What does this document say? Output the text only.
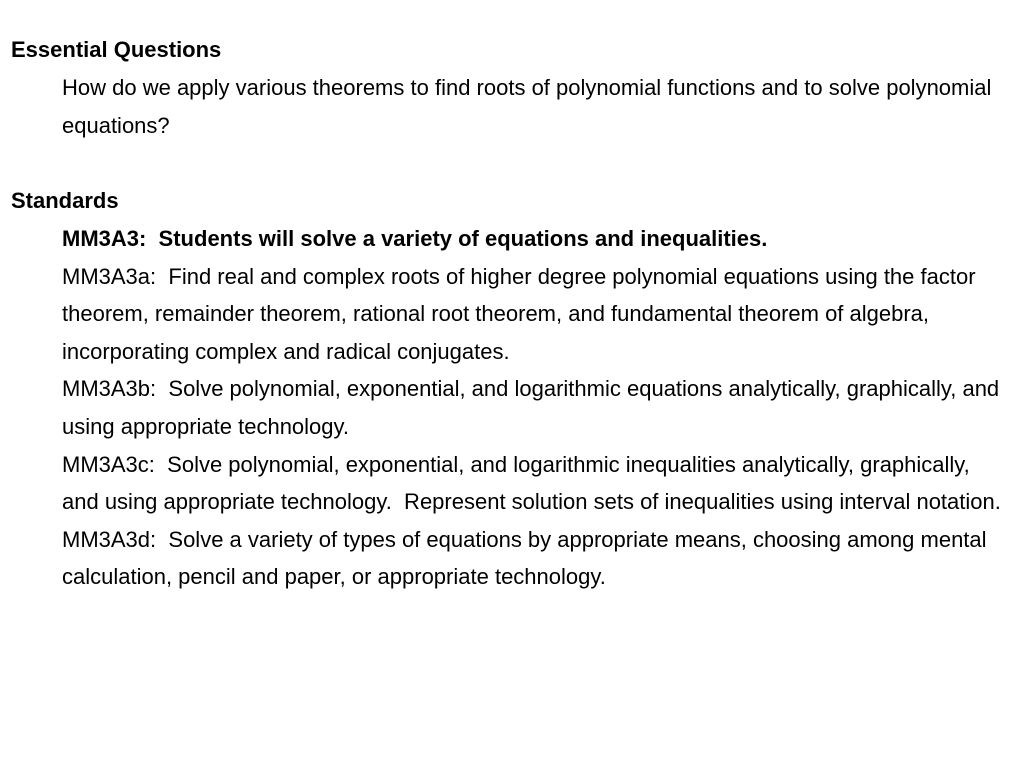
Essential Questions

How do we apply various theorems to find roots of polynomial functions and to solve polynomial equations?

Standards

MM3A3:  Students will solve a variety of equations and inequalities.

MM3A3a: Find real and complex roots of higher degree polynomial equations using the factor theorem, remainder theorem, rational root theorem, and fundamental theorem of algebra, incorporating complex and radical conjugates.

MM3A3b: Solve polynomial, exponential, and logarithmic equations analytically, graphically, and using appropriate technology.

MM3A3c: Solve polynomial, exponential, and logarithmic inequalities analytically, graphically, and using appropriate technology.  Represent solution sets of inequalities using interval notation.

MM3A3d: Solve a variety of types of equations by appropriate means, choosing among mental calculation, pencil and paper, or appropriate technology.
